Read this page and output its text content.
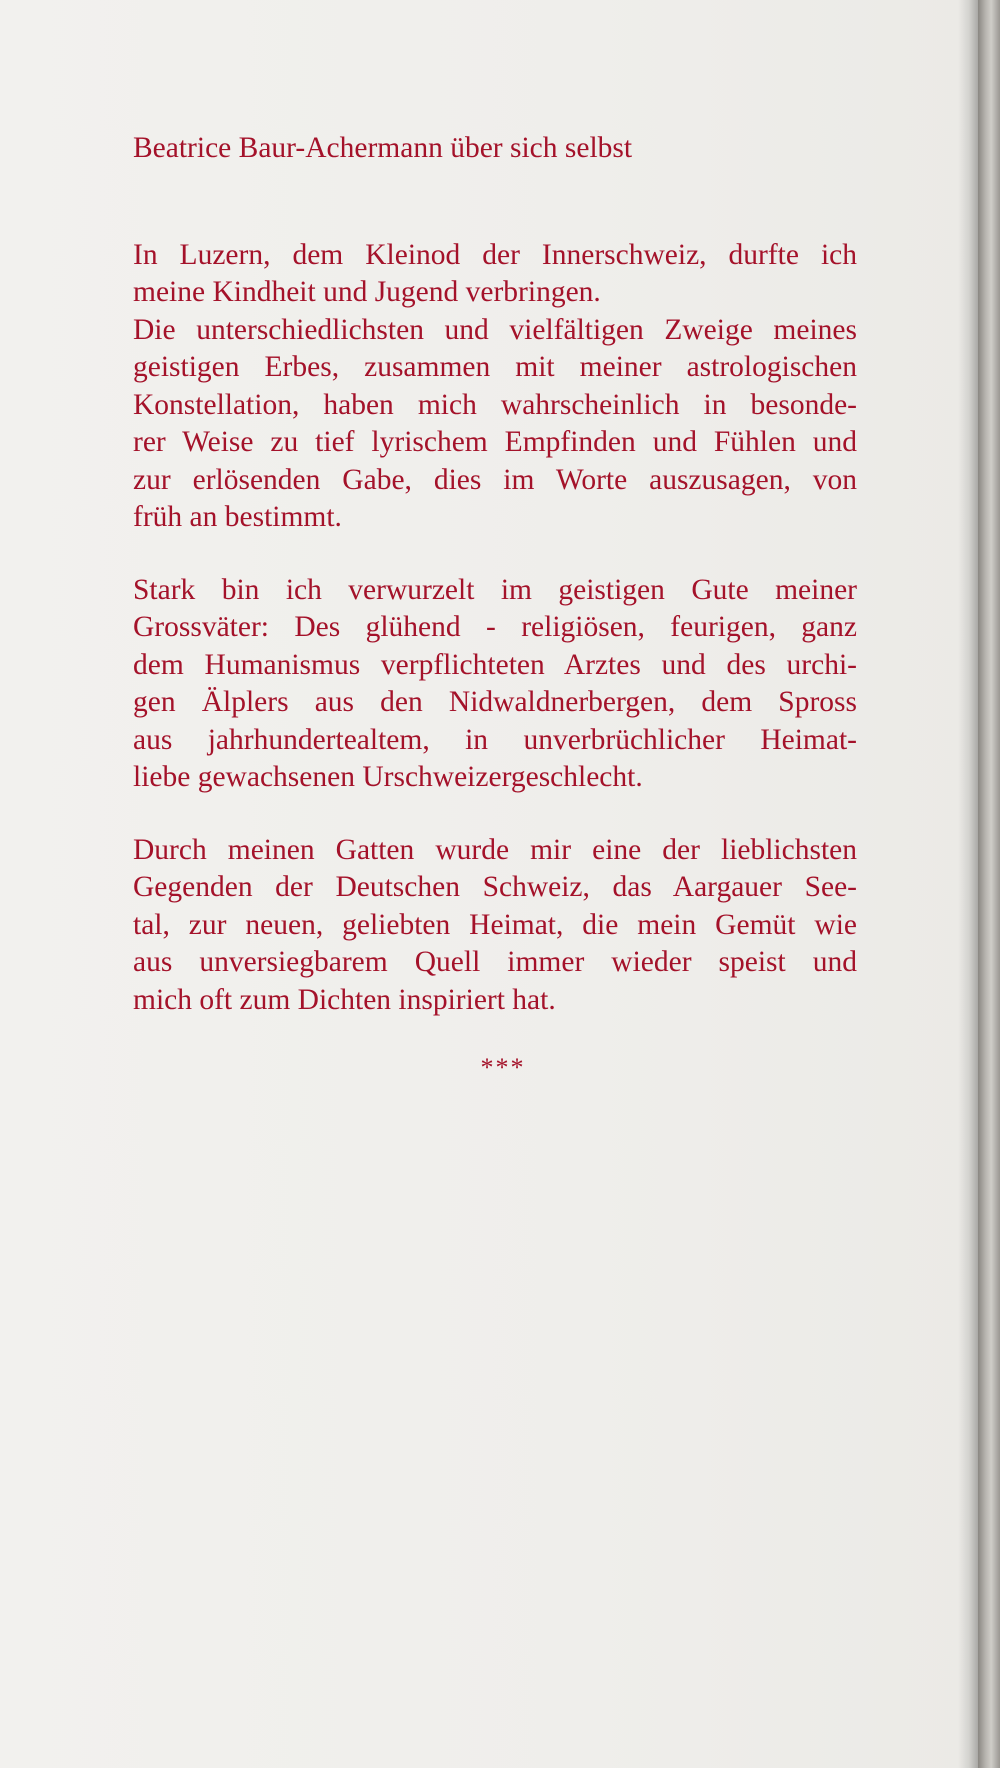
Beatrice Baur-Achermann über sich selbst

In Luzern, dem Kleinod der Innerschweiz, durfte ich
meine Kindheit und Jugend verbringen.
Die unterschiedlichsten und vielfältigen Zweige meines
geistigen Erbes, zusammen mit meiner astrologischen
Konstellation, haben mich wahrscheinlich in besonde-
rer Weise zu tief lyrischem Empfinden und Fühlen und
zur erlösenden Gabe, dies im Worte auszusagen, von
früh an bestimmt.

Stark bin ich verwurzelt im geistigen Gute meiner
Grossväter: Des glühend - religiösen, feurigen, ganz
dem Humanismus verpflichteten Arztes und des urchi-
gen Älplers aus den Nidwaldnerbergen, dem Spross
aus jahrhundertealtem, in unverbrüchlicher Heimat-
liebe gewachsenen Urschweizergeschlecht.

Durch meinen Gatten wurde mir eine der lieblichsten
Gegenden der Deutschen Schweiz, das Aargauer See-
tal, zur neuen, geliebten Heimat, die mein Gemüt wie
aus unversiegbarem Quell immer wieder speist und
mich oft zum Dichten inspiriert hat.

***
